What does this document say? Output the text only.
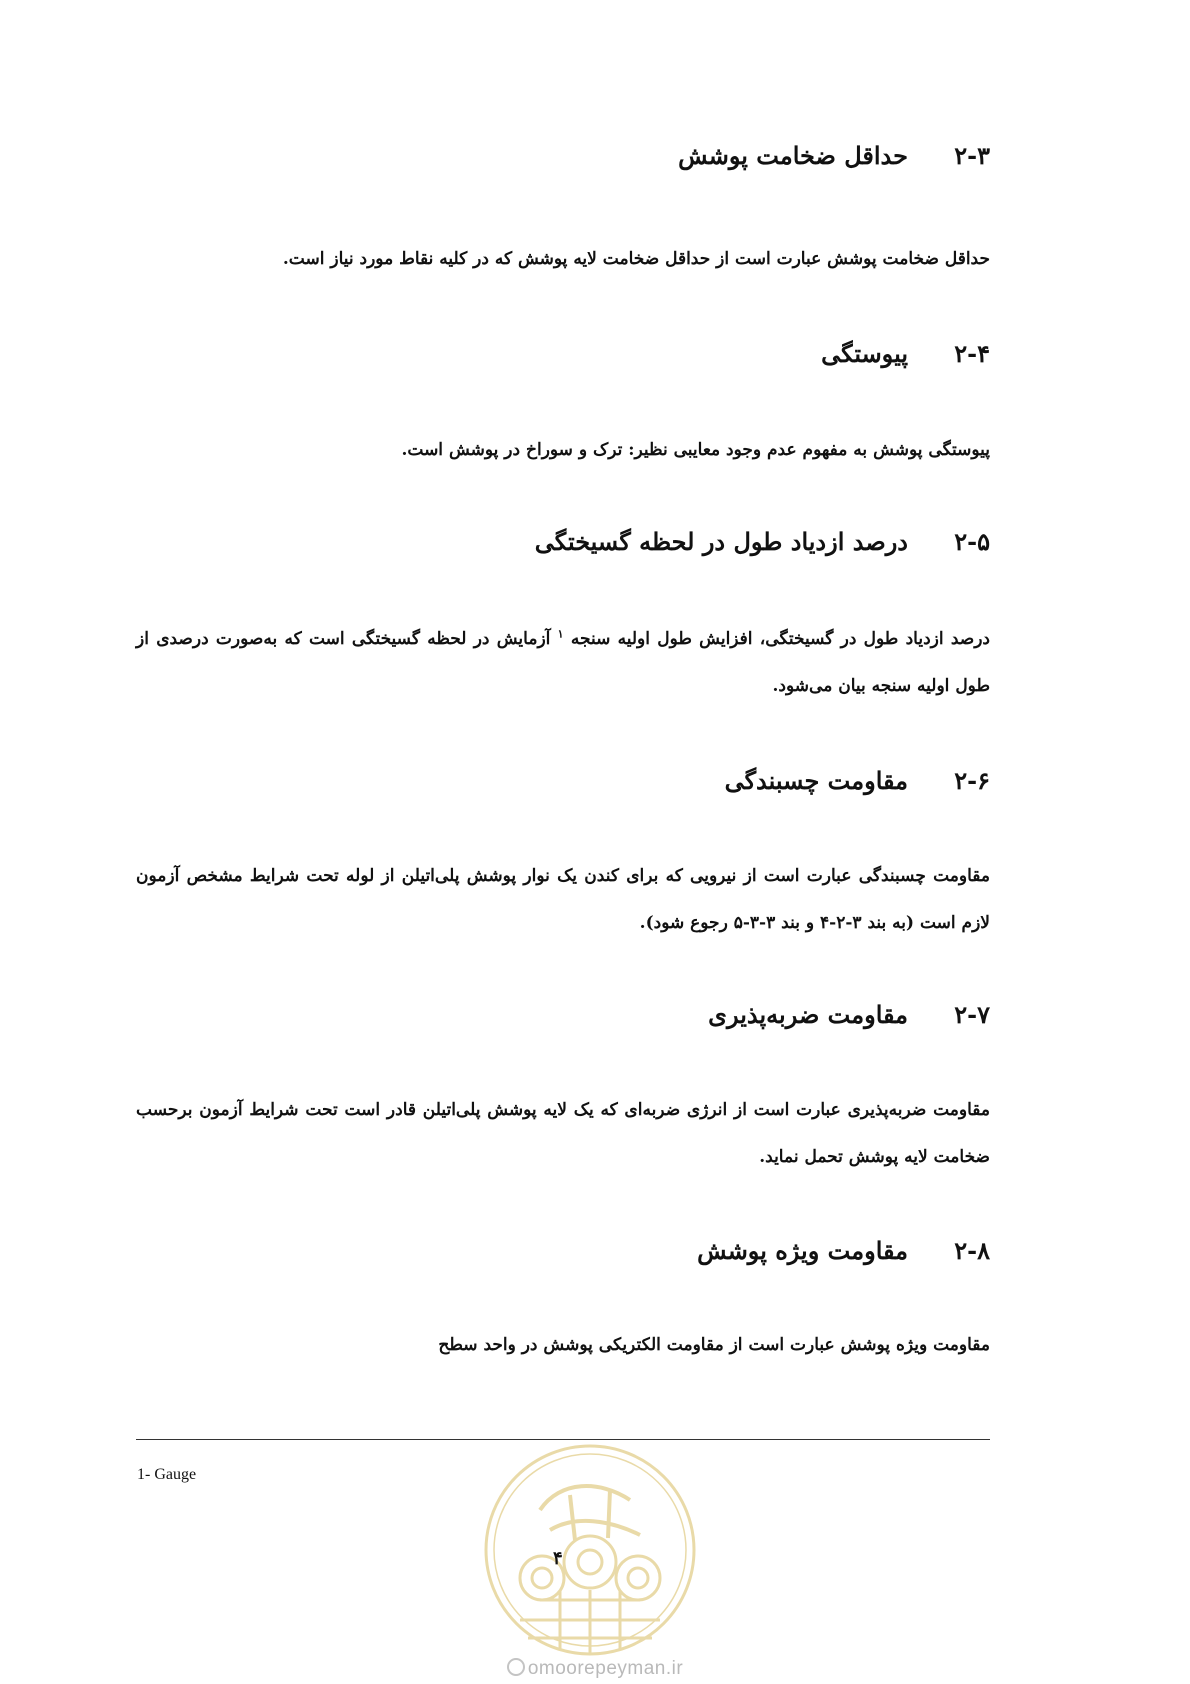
۲-۳
حداقل ضخامت پوشش
حداقل ضخامت پوشش عبارت است از حداقل ضخامت لایه پوشش که در کلیه نقاط مورد نیاز است.
۲-۴
پیوستگی
پیوستگی پوشش به مفهوم عدم وجود معایبی نظیر: ترک و سوراخ در پوشش است.
۲-۵
درصد ازدیاد طول در لحظه گسیختگی
درصد ازدیاد طول در گسیختگی، افزایش طول اولیه سنجه $^۱$ آزمایش در لحظه گسیختگی است که به‌صورت درصدی از طول اولیه سنجه بیان می‌شود.
۲-۶
مقاومت چسبندگی
مقاومت چسبندگی عبارت است از نیرویی که برای کندن یک نوار پوشش پلی‌اتیلن از لوله تحت شرایط مشخص آزمون لازم است (به بند ۳-۲-۴ و بند ۳-۳-۵ رجوع شود).
۲-۷
مقاومت ضربه‌پذیری
مقاومت ضربه‌پذیری عبارت است از انرژی ضربه‌ای که یک لایه پوشش پلی‌اتیلن قادر است تحت شرایط آزمون برحسب ضخامت لایه پوشش تحمل نماید.
۲-۸
مقاومت ویژه پوشش
مقاومت ویژه پوشش عبارت است از مقاومت الکتریکی پوشش در واحد سطح
1- Gauge
۴
omoorepeyman.ir
